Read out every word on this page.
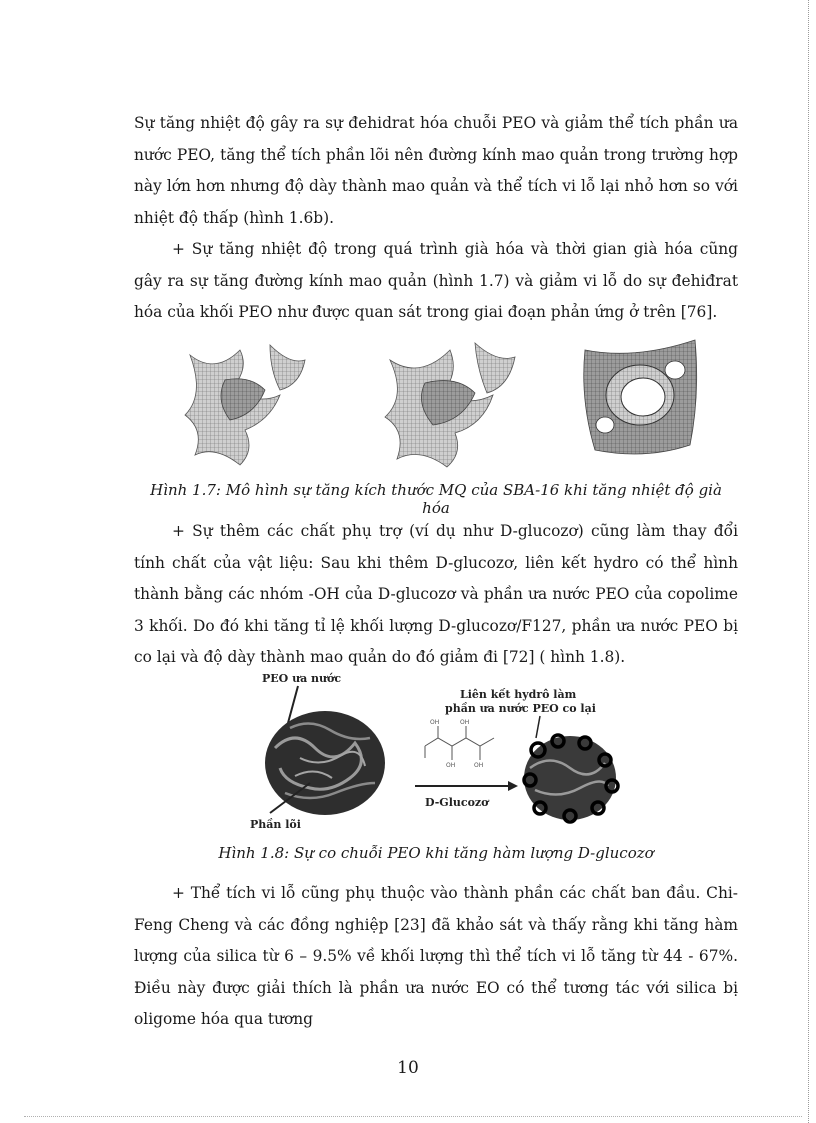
Sự tăng nhiệt độ gây ra sự đehidrat hóa chuỗi PEO và giảm thể tích phần ưa nước PEO, tăng thể tích phần lõi nên đường kính mao quản trong trường hợp này lớn hơn nhưng độ dày thành mao quản và thể tích vi lỗ lại nhỏ hơn so với nhiệt độ thấp (hình 1.6b).

+ Sự tăng nhiệt độ trong quá trình già hóa và thời gian già hóa cũng gây ra sự tăng đường kính mao quản (hình 1.7) và giảm vi lỗ do sự đehiđrat hóa của khối PEO như được quan sát trong giai đoạn phản ứng ở trên [76].

Hình 1.7: Mô hình sự tăng kích thước MQ của SBA-16 khi tăng nhiệt độ già hóa

+ Sự thêm các chất phụ trợ (ví dụ như D-glucozơ) cũng làm thay đổi tính chất của vật liệu: Sau khi thêm D-glucozơ, liên kết hydro có thể hình thành bằng các nhóm -OH của D-glucozơ và phần ưa nước PEO của copolime 3 khối. Do đó khi tăng tỉ lệ khối lượng D-glucozơ/F127, phần ưa nước PEO bị co lại và độ dày thành mao quản do đó giảm đi [72] ( hình 1.8).

PEO ưa nước
Phần lõi
OH	OH
OH	OH
D-Glucozơ
Liên kết hydrô làm
phần ưa nước PEO co lại

Hình 1.8: Sự co chuỗi PEO khi tăng hàm lượng D-glucozơ

+ Thể tích vi lỗ cũng phụ thuộc vào thành phần các chất ban đầu. Chi-Feng Cheng và các đồng nghiệp [23] đã khảo sát và thấy rằng khi tăng hàm lượng của silica từ 6 – 9.5% về khối lượng thì thể tích vi lỗ tăng từ 44 - 67%. Điều này được giải thích là phần ưa nước EO có thể tương tác với silica bị oligome hóa qua tương

10
